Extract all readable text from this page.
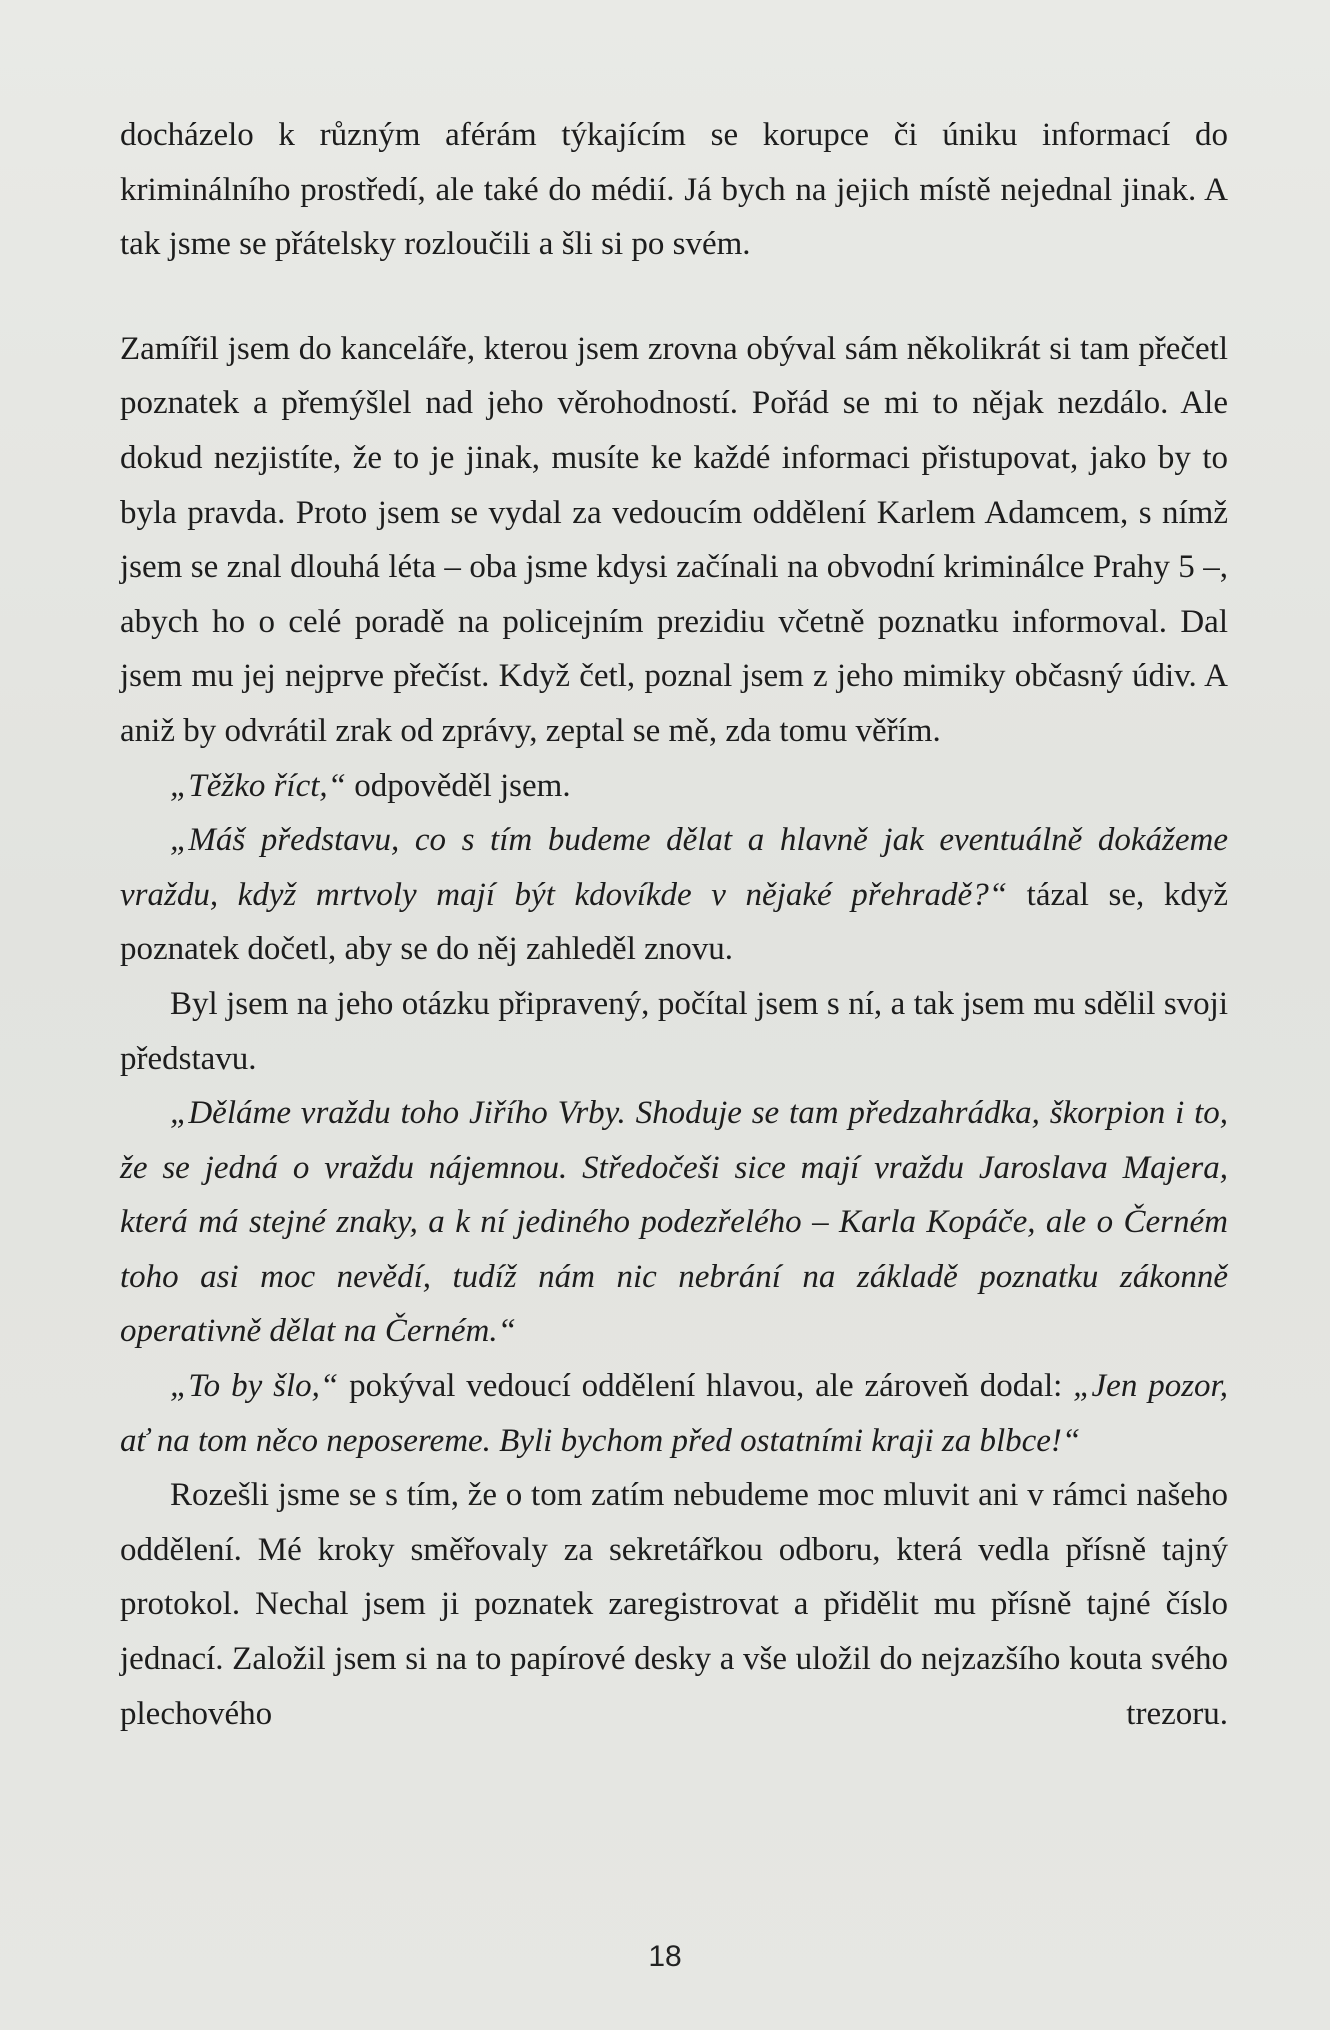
docházelo k různým aférám týkajícím se korupce či úniku informací do kriminálního prostředí, ale také do médií. Já bych na jejich místě nejednal jinak. A tak jsme se přátelsky rozloučili a šli si po svém.

Zamířil jsem do kanceláře, kterou jsem zrovna obýval sám několikrát si tam přečetl poznatek a přemýšlel nad jeho věrohodností. Pořád se mi to nějak nezdálo. Ale dokud nezjistíte, že to je jinak, musíte ke každé informaci přistupovat, jako by to byla pravda. Proto jsem se vydal za vedoucím oddělení Karlem Adamcem, s nímž jsem se znal dlouhá léta – oba jsme kdysi začínali na obvodní kriminálce Prahy 5 –, abych ho o celé poradě na policejním prezidiu včetně poznatku informoval. Dal jsem mu jej nejprve přečíst. Když četl, poznal jsem z jeho mimiky občasný údiv. A aniž by odvrátil zrak od zprávy, zeptal se mě, zda tomu věřím.

„Těžko říct,“ odpověděl jsem.

„Máš představu, co s tím budeme dělat a hlavně jak eventuálně dokážeme vraždu, když mrtvoly mají být kdovíkde v nějaké přehradě?“ tázal se, když poznatek dočetl, aby se do něj zahleděl znovu.

Byl jsem na jeho otázku připravený, počítal jsem s ní, a tak jsem mu sdělil svoji představu.

„Děláme vraždu toho Jiřího Vrby. Shoduje se tam předzahrádka, škorpion i to, že se jedná o vraždu nájemnou. Středočeši sice mají vraždu Jaroslava Majera, která má stejné znaky, a k ní jediného podezřelého – Karla Kopáče, ale o Černém toho asi moc nevědí, tudíž nám nic nebrání na základě poznatku zákonně operativně dělat na Černém.“

„To by šlo,“ pokýval vedoucí oddělení hlavou, ale zároveň dodal: „Jen pozor, ať na tom něco neposereme. Byli bychom před ostatními kraji za blbce!“

Rozešli jsme se s tím, že o tom zatím nebudeme moc mluvit ani v rámci našeho oddělení. Mé kroky směřovaly za sekretářkou odboru, která vedla přísně tajný protokol. Nechal jsem ji poznatek zaregistrovat a přidělit mu přísně tajné číslo jednací. Založil jsem si na to papírové desky a vše uložil do nejzazšího kouta svého plechového trezoru.

18
